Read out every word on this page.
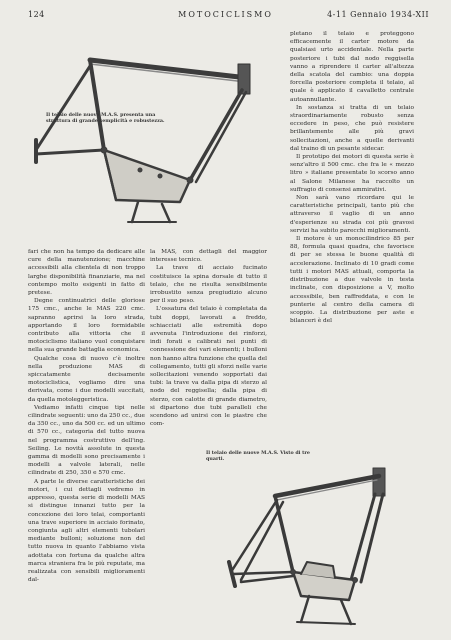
124	MOTOCICLISMO	4-11 Gennaio 1934-XII
Il telaio delle nuove M.A.S. presenta una struttura di grande semplicità e robustezza.

fari che non ha tempo da dedicare alle cure della manutenzione; macchine accessibili alla clientela di non troppo larghe disponibilità finanziarie, ma nel contempo molto esigenti in fatto di pretese.

Degne continuatrici delle gloriose 175 cmc., anche le MAS 220 cmc. sapranno aprirsi la loro strada, apportando il loro formidabile contributo alla vittoria che il motociclismo italiano vuol conquistare nella sua grande battaglia economica.

Qualche cosa di nuovo c'è inoltre nella produzione MAS di spiccatamente decisamente motociclistica, vogliamo dire una derivata, come i due modelli succitati, da quella motoleggeristica.

Vediamo infatti cinque tipi nelle cilindrate seguenti: uno da 250 cc., due da 350 cc., uno da 500 cc. ed un ultimo di 570 cc., categoria del tutto nuova nel programma costruttivo dell'ing. Seiling. Le novità assolute in questa gamma di modelli sono precisamente i modelli a valvole laterali, nelle cilindrate di 250, 350 e 570 cmc.

A parte le diverse caratteristiche dei motori, i cui dettagli vedremo in appresso, questa serie di modelli MAS si distingue innanzi tutto per la concezione dei loro telai, comportanti una trave superiore in acciaio forinato, congiunta agli altri elementi tubolari mediante bulloni; soluzione non del tutto nuova in quanto l'abbiamo vista adottata con fortuna da qualche altra marca straniera fra le più reputate, ma realizzata con sensibili miglioramenti dal-

la MAS, con dettagli del maggior interesse tecnico.

La trave di acciaio fucinato costituisce la spina dorsale di tutto il telaio, che ne risulta sensibilmente irrobustito senza pregiudizio alcuno per il suo peso.

L'ossatura del telaio è completata da tubi doppi, lavorati a freddo, schiacciati alle estremità dopo avvenuta l'introduzione dei rinforzi, indi forati e calibrati nei punti di connessione dei vari elementi; i bulloni non hanno altra funzione che quella del collegamento, tutti gli sforzi nelle varie sollecitazioni venendo sopportati dai tubi: la trave va dalla pipa di sterzo al nodo del reggisella; dalla pipa di sterzo, con calotte di grande diametro, si dipartono due tubi paralleli che scendono ad unirsi con le piastre che com-

pletano il telaio e proteggono efficacemente il carter motore da qualsiasi urto accidentale. Nella parte posteriore i tubi dal nodo reggisella vanno a riprendere il carter all'altezza della scatola del cambio: una doppia forcella posteriore completa il telaio, al quale è applicato il cavalletto centrale autoannullante.

In sostanza si tratta di un telaio straordinariamente robusto senza eccedere in peso, che può resistere brillantemente alle più gravi sollecitazioni, anche a quelle derivanti dal traino di un pesante sidecar.

Il prototipo dei motori di questa serie è senz'altro il 500 cmc. che fra le « mezzo litro » italiane presentate lo scorso anno al Salone Milanese ha raccolto un suffragio di consensi ammirativi.

Non sarà vano ricordare qui le caratteristiche principali, tanto più che attraverso il vaglio di un anno d'esperienze su strada coi più gravosi servizi ha subito parecchi miglioramenti.

Il motore è un monocilindrico 85 per 88, formula quasi quadra, che favorisce di per se stessa le buone qualità di accelerazione. Inclinato di 10 gradi come tutti i motori MAS attuali, comporta la distribuzione a due valvole in testa inclinate, con disposizione a V, molto accessibile, ben raffreddata, e con le punterie al centro della camera di scoppio. La distribuzione per aste e bilanceri è del

Il telaio delle nuove M.A.S. Visto di tre quarti.
